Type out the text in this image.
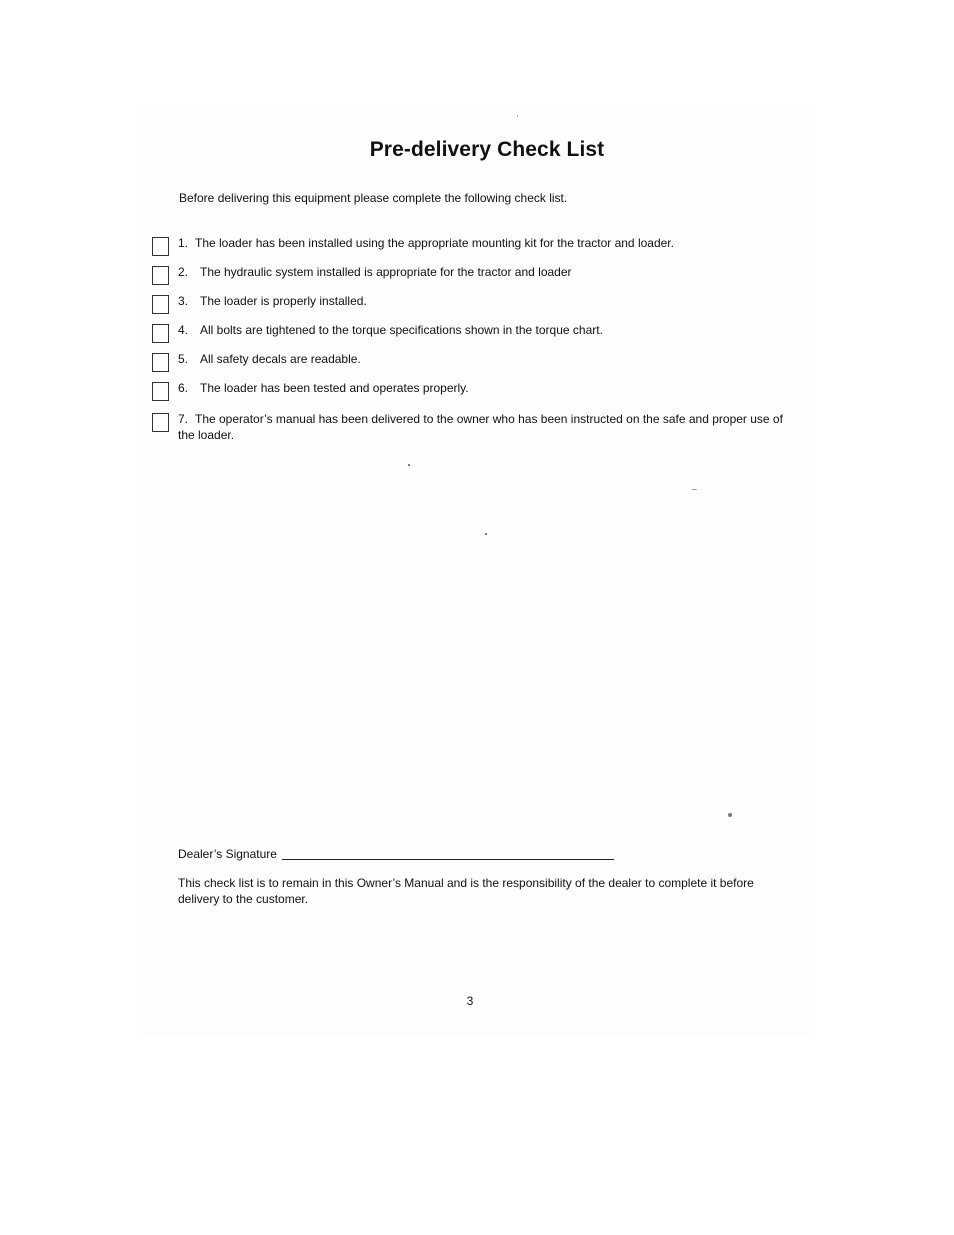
Pre-delivery Check List
Before delivering this equipment please complete the following check list.
1. The loader has been installed using the appropriate mounting kit for the tractor and loader.
2. The hydraulic system installed is appropriate for the tractor and loader
3. The loader is properly installed.
4. All bolts are tightened to the torque specifications shown in the torque chart.
5. All safety decals are readable.
6. The loader has been tested and operates properly.
7. The operator’s manual has been delivered to the owner who has been instructed on the safe and proper use of the loader.
Dealer’s Signature
This check list is to remain in this Owner’s Manual and is the responsibility of the dealer to complete it before delivery to the customer.
3
